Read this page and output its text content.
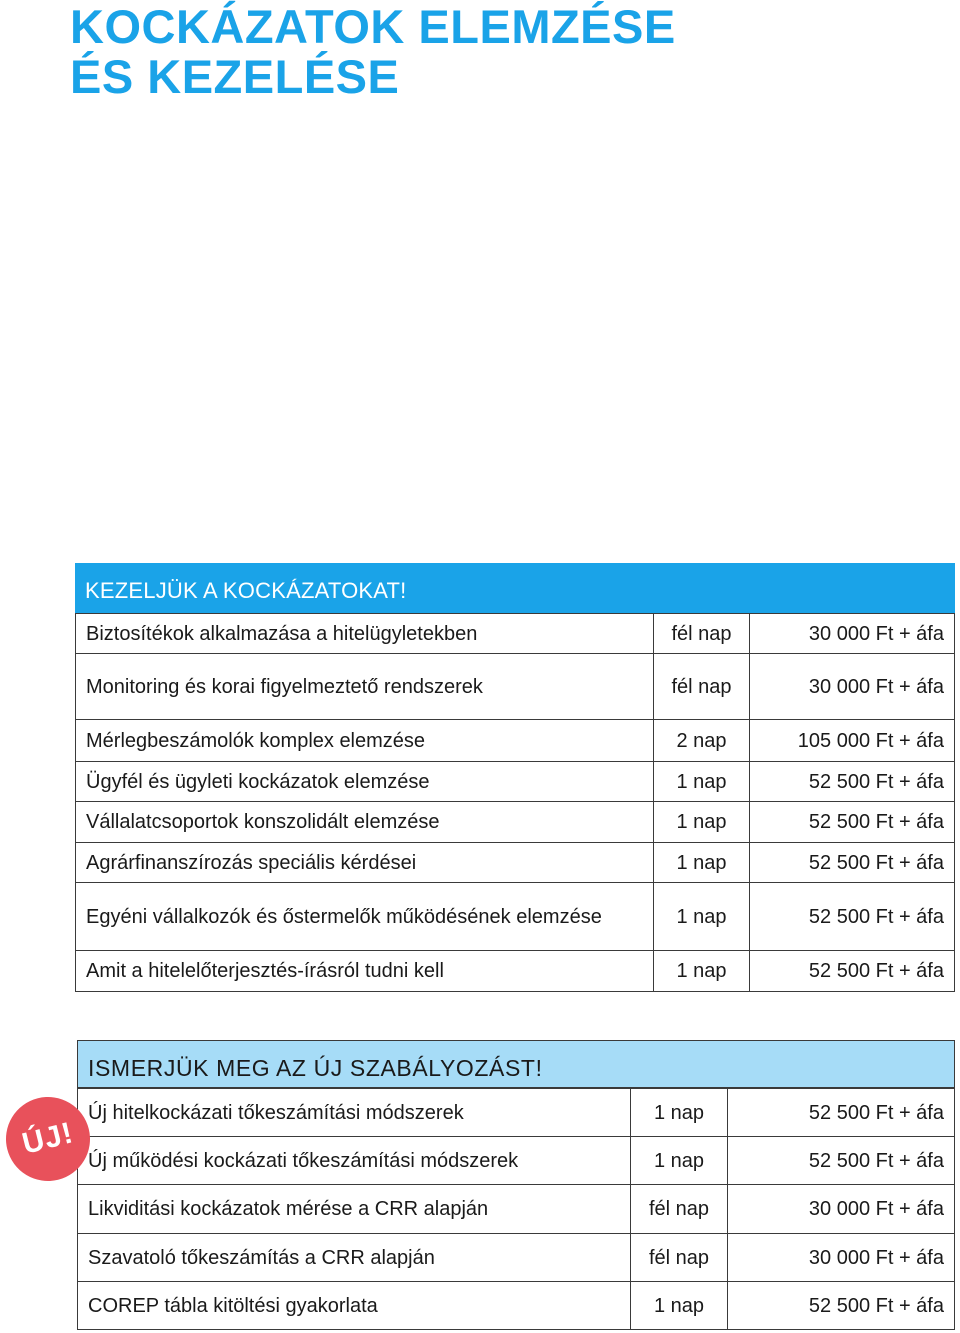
KOCKÁZATOK ELEMZÉSE
ÉS KEZELÉSE
KEZELJÜK A KOCKÁZATOKAT!
Biztosítékok alkalmazása a hitelügyletekben	fél nap	30 000 Ft + áfa
Monitoring és korai figyelmeztető rendszerek	fél nap	30 000 Ft + áfa
Mérlegbeszámolók komplex elemzése	2 nap	105 000 Ft + áfa
Ügyfél és ügyleti kockázatok elemzése	1 nap	52 500 Ft + áfa
Vállalatcsoportok konszolidált elemzése	1 nap	52 500 Ft + áfa
Agrárfinanszírozás speciális kérdései	1 nap	52 500 Ft + áfa
Egyéni vállalkozók és őstermelők működésének elemzése	1 nap	52 500 Ft + áfa
Amit a hitelelőterjesztés-írásról tudni kell	1 nap	52 500 Ft + áfa
ISMERJÜK MEG AZ ÚJ SZABÁLYOZÁST!
Új hitelkockázati tőkeszámítási módszerek	1 nap	52 500 Ft + áfa
Új működési kockázati tőkeszámítási módszerek	1 nap	52 500 Ft + áfa
Likviditási kockázatok mérése a CRR alapján	fél nap	30 000 Ft + áfa
Szavatoló tőkeszámítás a CRR alapján	fél nap	30 000 Ft + áfa
COREP tábla kitöltési gyakorlata	1 nap	52 500 Ft + áfa
ÚJ!
